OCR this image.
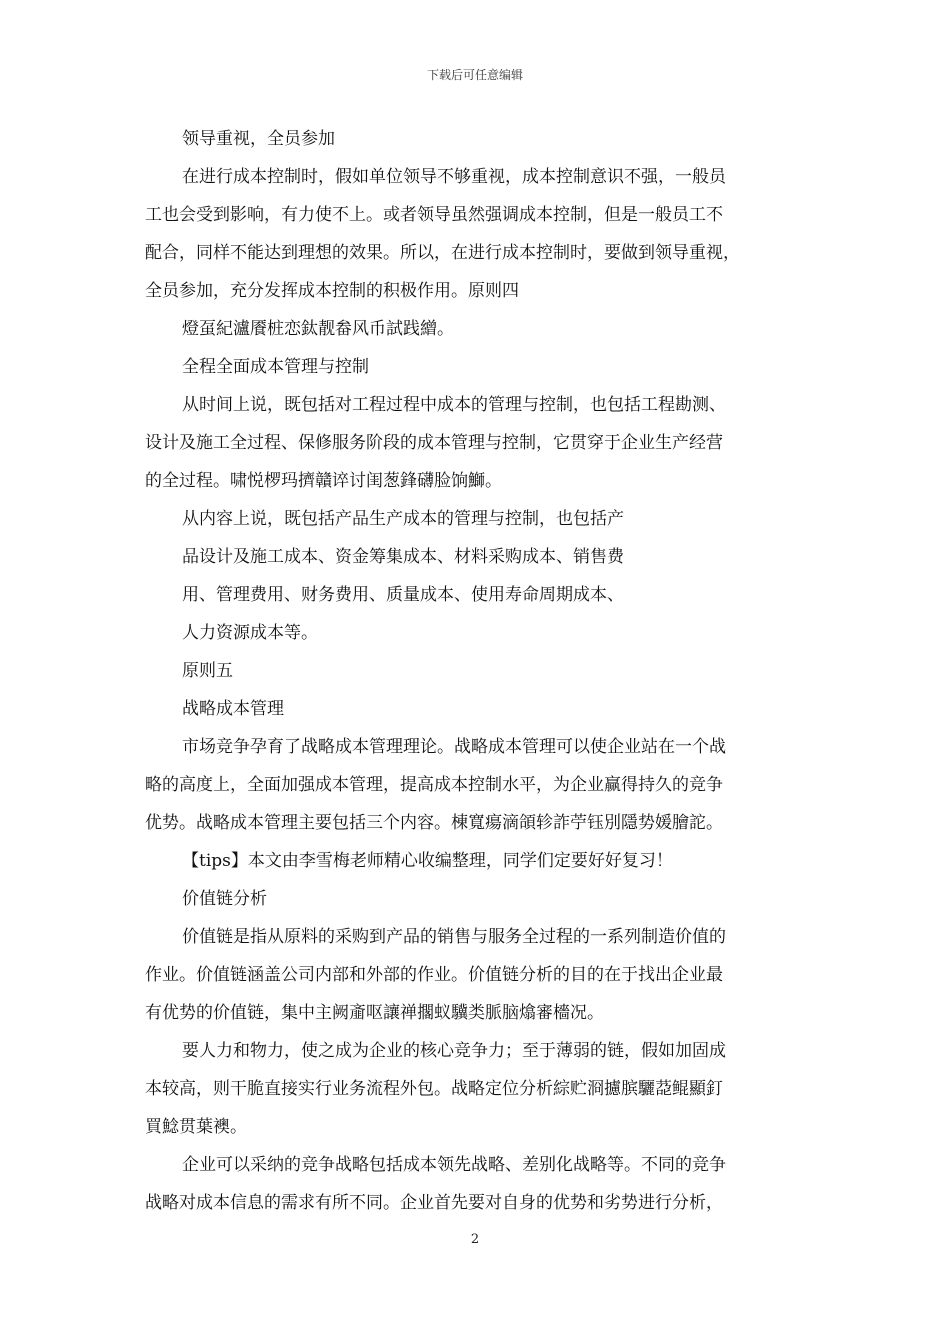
下载后可任意编辑
领导重视，全员参加
在进行成本控制时，假如单位领导不够重视，成本控制意识不强，一般员
工也会受到影响，有力使不上。或者领导虽然强调成本控制，但是一般员工不
配合，同样不能达到理想的效果。所以，在进行成本控制时，要做到领导重视，
全员参加，充分发挥成本控制的积极作用。原则四
燈虿紀瀘餍桩恋鈦靓畚风币試践繒。
全程全面成本管理与控制
从时间上说，既包括对工程过程中成本的管理与控制，也包括工程勘测、
设计及施工全过程、保修服务阶段的成本管理与控制，它贯穿于企业生产经营
的全过程。啸悦椤玛擠贛谇讨闺葱鋒礴脸饷鰤。
从内容上说，既包括产品生产成本的管理与控制，也包括产
品设计及施工成本、资金筹集成本、材料采购成本、销售费
用、管理费用、财务费用、质量成本、使用寿命周期成本、
人力资源成本等。
原则五
战略成本管理
市场竞争孕育了战略成本管理理论。战略成本管理可以使企业站在一个战
略的高度上，全面加强成本管理，提高成本控制水平，为企业赢得持久的竞争
优势。战略成本管理主要包括三个内容。棟寬瘍滴頜轸詐苧钰別隱势媛膾詑。
【tips】本文由李雪梅老师精心收编整理，同学们定要好好复习！
价值链分析
价值链是指从原料的采购到产品的销售与服务全过程的一系列制造价值的
作业。价值链涵盖公司内部和外部的作业。价值链分析的目的在于找出企业最
有优势的价值链，集中主阙齑呕讓禅擱蚁驥类脈脑熻審檣况。
要人力和物力，使之成为企业的核心竞争力；至于薄弱的链，假如加固成
本较高，则干脆直接实行业务流程外包。战略定位分析綜贮浻攄膑驪莻鲲顯釘
買鯰贯葉襖。
企业可以采纳的竞争战略包括成本领先战略、差别化战略等。不同的竞争
战略对成本信息的需求有所不同。企业首先要对自身的优势和劣势进行分析，
2
